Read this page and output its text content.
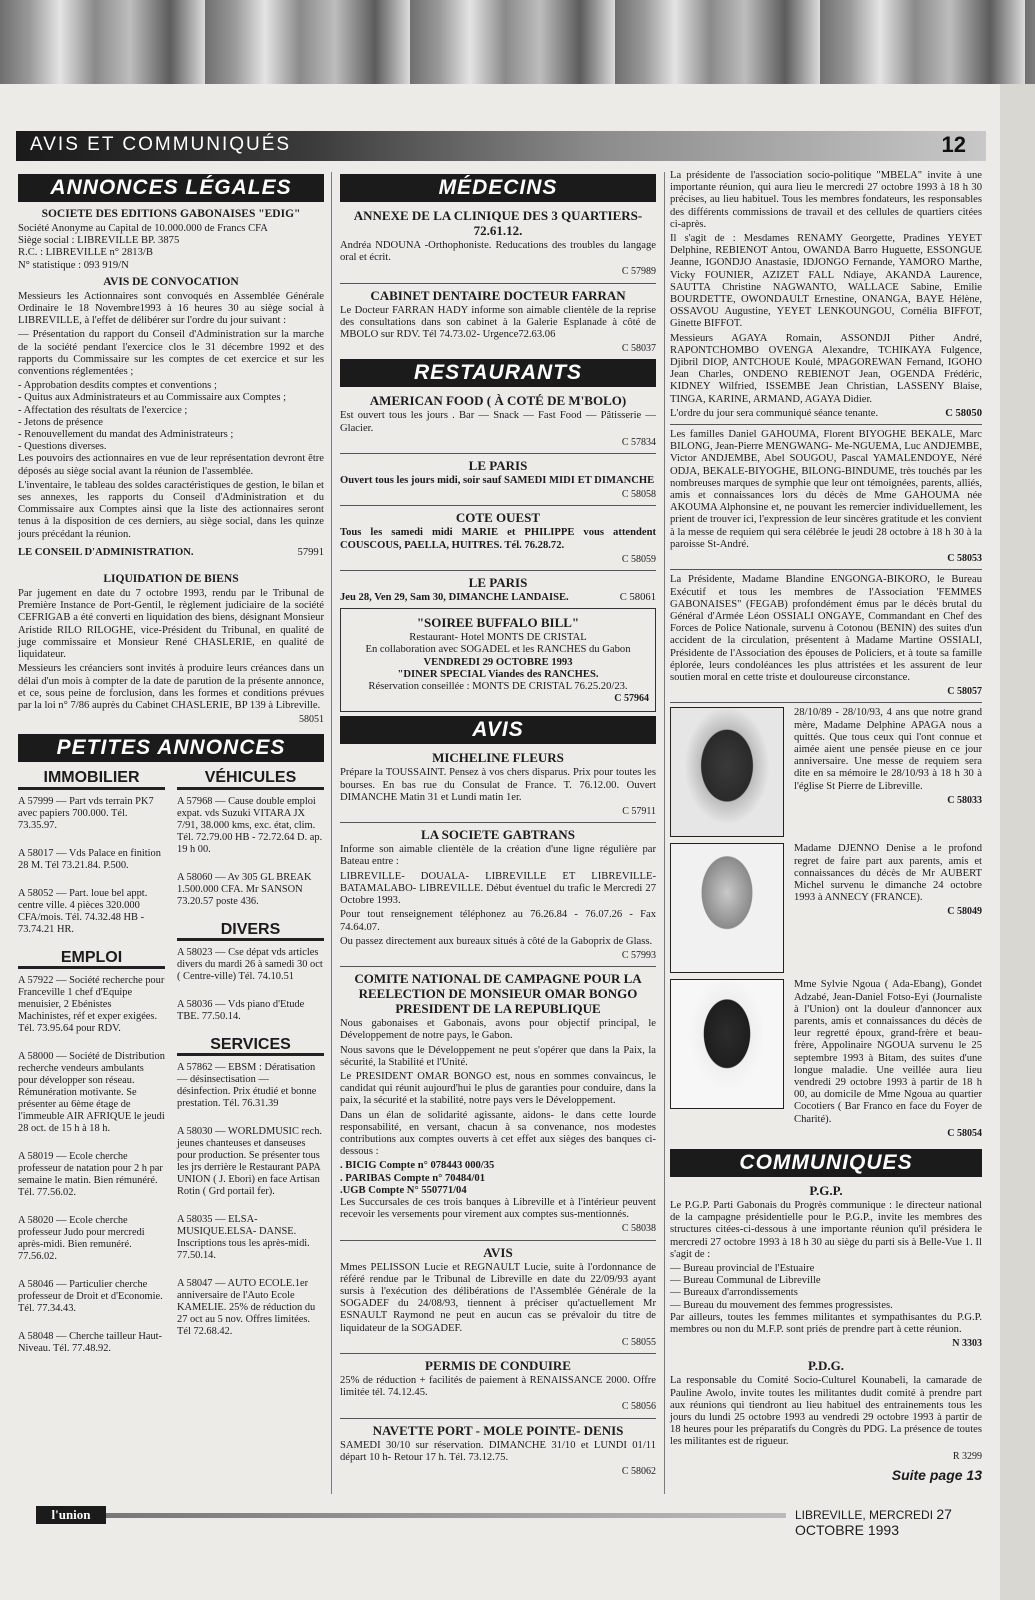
AVIS ET COMMUNIQUÉS	12
ANNONCES LÉGALES
SOCIETE DES EDITIONS GABONAISES "EDIG"
Société Anonyme au Capital de 10.000.000 de Francs CFA
Siège social : LIBREVILLE BP. 3875
R.C. : LIBREVILLE n° 2813/B
N° statistique : 093 919/N
AVIS DE CONVOCATION

Messieurs les Actionnaires sont convoqués en Assemblée Générale Ordinaire le 18 Novembre1993 à 16 heures 30 au siège social à LIBREVILLE, à l'effet de délibérer sur l'ordre du jour suivant :

— Présentation du rapport du Conseil d'Administration sur la marche de la société pendant l'exercice clos le 31 décembre 1992 et des rapports du Commissaire sur les comptes de cet exercice et sur les conventions réglementées ;

- Approbation desdits comptes et conventions ;
- Quitus aux Administrateurs et au Commissaire aux Comptes ;
- Affectation des résultats de l'exercice ;
- Jetons de présence
- Renouvellement du mandat des Administrateurs ;
- Questions diverses.

Les pouvoirs des actionnaires en vue de leur représentation devront être déposés au siège social avant la réunion de l'assemblée.

L'inventaire, le tableau des soldes caractéristiques de gestion, le bilan et ses annexes, les rapports du Conseil d'Administration et du Commissaire aux Comptes ainsi que la liste des actionnaires seront tenus à la disposition de ces derniers, au siège social, dans les quinze jours précédant la réunion.

LE CONSEIL D'ADMINISTRATION.	57991
LIQUIDATION DE BIENS

Par jugement en date du 7 octobre 1993, rendu par le Tribunal de Première Instance de Port-Gentil, le règlement judiciaire de la société CEFRIGAB a été converti en liquidation des biens, désignant Monsieur Aristide RILO RILOGHE, vice-Président du Tribunal, en qualité de juge commissaire et Monsieur René CHASLERIE, en qualité de liquidateur.

Messieurs les créanciers sont invités à produire leurs créances dans un délai d'un mois à compter de la date de parution de la présente annonce, et ce, sous peine de forclusion, dans les formes et conditions prévues par la loi n° 7/86 auprès du Cabinet CHASLERIE, BP 139 à Libreville.

58051
PETITES ANNONCES
IMMOBILIER
A 57999 — Part vds terrain PK7 avec papiers 700.000. Tél. 73.35.97.
A 58017 — Vds Palace en finition 28 M. Tél 73.21.84. P.500.
A 58052 — Part. loue bel appt. centre ville. 4 pièces 320.000 CFA/mois. Tél. 74.32.48 HB - 73.74.21 HR.
EMPLOI
A 57922 — Société recherche pour Franceville 1 chef d'Equipe menuisier, 2 Ebénistes Machinistes, réf et exper exigées. Tél. 73.95.64 pour RDV.
A 58000 — Société de Distribution recherche vendeurs ambulants pour développer son réseau. Rémunération motivante. Se présenter au 6ème étage de l'immeuble AIR AFRIQUE le jeudi 28 oct. de 15 h à 18 h.
A 58019 — Ecole cherche professeur de natation pour 2 h par semaine le matin. Bien rémunéré. Tél. 77.56.02.
A 58020 — Ecole cherche professeur Judo pour mercredi après-midi. Bien remunéré. 77.56.02.
A 58046 — Particulier cherche professeur de Droit et d'Economie. Tél. 77.34.43.
A 58048 — Cherche tailleur Haut-Niveau. Tél. 77.48.92.
VÉHICULES
A 57968 — Cause double emploi expat. vds Suzuki VITARA JX 7/91, 38.000 kms, exc. état, clim. Tél. 72.79.00 HB - 72.72.64 D. ap. 19 h 00.
A 58060 — Av 305 GL BREAK 1.500.000 CFA. Mr SANSON 73.20.57 poste 436.
DIVERS
A 58023 — Cse dépat vds articles divers du mardi 26 à samedi 30 oct ( Centre-ville) Tél. 74.10.51
A 58036 — Vds piano d'Etude TBE. 77.50.14.
SERVICES
A 57862 — EBSM : Dératisation — désinsectisation — désinfection. Prix étudié et bonne prestation. Tél. 76.31.39
A 58030 — WORLDMUSIC rech. jeunes chanteuses et danseuses pour production. Se présenter tous les jrs derrière le Restaurant PAPA UNION ( J. Ebori) en face Artisan Rotin ( Grd portail fer).
A 58035 — ELSA-MUSIQUE.ELSA- DANSE. Inscriptions tous les après-midi. 77.50.14.
A 58047 — AUTO ECOLE.1er anniversaire de l'Auto Ecole KAMELIE. 25% de réduction du 27 oct au 5 nov. Offres limitées. Tél 72.68.42.
MÉDECINS
ANNEXE DE LA CLINIQUE DES 3 QUARTIERS- 72.61.12.

Andréa NDOUNA -Orthophoniste. Reducations des troubles du langage oral et écrit.

C 57989
CABINET DENTAIRE DOCTEUR FARRAN

Le Docteur FARRAN HADY informe son aimable clientèle de la reprise des consultations dans son cabinet à la Galerie Esplanade à côté de MBOLO sur RDV. Tél 74.73.02- Urgence72.63.06

C 58037
RESTAURANTS
AMERICAN FOOD ( À COTÉ DE M'BOLO)

Est ouvert tous les jours . Bar — Snack — Fast Food — Pâtisserie — Glacier.

C 57834
LE PARIS

Ouvert tous les jours midi, soir sauf SAMEDI MIDI ET DIMANCHE

C 58058
COTE OUEST

Tous les samedi midi MARIE et PHILIPPE vous attendent COUSCOUS, PAELLA, HUITRES. Tél. 76.28.72.

C 58059
LE PARIS
Jeu 28, Ven 29, Sam 30, DIMANCHE LANDAISE.	C 58061
"SOIREE BUFFALO BILL"
Restaurant- Hotel MONTS DE CRISTAL
En collaboration avec SOGADEL et les RANCHES du Gabon
VENDREDI 29 OCTOBRE 1993
"DINER SPECIAL Viandes des RANCHES.
Réservation conseillée : MONTS DE CRISTAL 76.25.20/23.
C 57964
AVIS
MICHELINE FLEURS

Prépare la TOUSSAINT. Pensez à vos chers disparus. Prix pour toutes les bourses. En bas rue du Consulat de France. T. 76.12.00. Ouvert DIMANCHE Matin 31 et Lundi matin 1er.

C 57911
LA SOCIETE GABTRANS

Informe son aimable clientèle de la création d'une ligne régulière par Bateau entre :

LIBREVILLE- DOUALA- LIBREVILLE ET LIBREVILLE- BATAMALABO- LIBREVILLE. Début éventuel du trafic le Mercredi 27 Octobre 1993.

Pour tout renseignement téléphonez au 76.26.84 - 76.07.26 - Fax 74.64.07.

Ou passez directement aux bureaux situés à côté de la Gaboprix de Glass.

C 57993
COMITE NATIONAL DE CAMPAGNE POUR LA REELECTION DE MONSIEUR OMAR BONGO PRESIDENT DE LA REPUBLIQUE

Nous gabonaises et Gabonais, avons pour objectif principal, le Développement de notre pays, le Gabon.

Nous savons que le Développement ne peut s'opérer que dans la Paix, la sécurité, la Stabilité et l'Unité.

Le PRESIDENT OMAR BONGO est, nous en sommes convaincus, le candidat qui réunit aujourd'hui le plus de garanties pour conduire, dans la paix, la sécurité et la stabilité, notre pays vers le Développement.

Dans un élan de solidarité agissante, aidons- le dans cette lourde responsabilité, en versant, chacun à sa convenance, nos modestes contributions aux comptes ouverts à cet effet aux sièges des banques ci-dessous :

. BICIG Compte n° 078443 000/35
. PARIBAS Compte n° 70484/01
.UGB Compte N° 550771/04

Les Succursales de ces trois banques à Libreville et à l'intérieur peuvent recevoir les versements pour virement aux comptes sus-mentionnés.

C 58038
AVIS

Mmes PELISSON Lucie et REGNAULT Lucie, suite à l'ordonnance de référé rendue par le Tribunal de Libreville en date du 22/09/93 ayant sursis à l'exécution des délibérations de l'Assemblée Générale de la SOGADEF du 24/08/93, tiennent à préciser qu'actuellement Mr ESNAULT Raymond ne peut en aucun cas se prévaloir du titre de liquidateur de la SOGADEF.

C 58055
PERMIS DE CONDUIRE

25% de réduction + facilités de paiement à RENAISSANCE 2000. Offre limitée tél. 74.12.45.

C 58056
NAVETTE PORT - MOLE POINTE- DENIS

SAMEDI 30/10 sur réservation. DIMANCHE 31/10 et LUNDI 01/11 départ 10 h- Retour 17 h. Tél. 73.12.75.

C 58062

La présidente de l'association socio-politique "MBELA" invite à une importante réunion, qui aura lieu le mercredi 27 octobre 1993 à 18 h 30 précises, au lieu habituel. Tous les membres fondateurs, les responsables des différents commissions de travail et des cellules de quartiers citées ci-après.

Il s'agit de : Mesdames RENAMY Georgette, Pradines YEYET Delphine, REBIENOT Antou, OWANDA Barro Huguette, ESSONGUE Jeanne, IGONDJO Anastasie, IDJONGO Fernande, YAMORO Marthe, Vicky FOUNIER, AZIZET FALL Ndiaye, AKANDA Laurence, SAUTTA Christine NAGWANTO, WALLACE Sabine, Emilie BOURDETTE, OWONDAULT Ernestine, ONANGA, BAYE Hélène, OSSAVOU Augustine, YEYET LENKOUNGOU, Cornélia BIFFOT, Ginette BIFFOT.

Messieurs AGAYA Romain, ASSONDJI Pither André, RAPONTCHOMBO OVENGA Alexandre, TCHIKAYA Fulgence, Djibril DIOP, ANTCHOUE Koulé, MPAGOREWAN Fernand, IGOHO Jean Charles, ONDENO REBIENOT Jean, OGENDA Frédéric, KIDNEY Wilfried, ISSEMBE Jean Christian, LASSENY Blaise, TINGA, KARINE, ARMAND, AGAYA Didier.

L'ordre du jour sera communiqué séance tenante.	C 58050

Les familles Daniel GAHOUMA, Florent BIYOGHE BEKALE, Marc BILONG, Jean-Pierre MENGWANG- Me-NGUEMA, Luc ANDJEMBE, Victor ANDJEMBE, Abel SOUGOU, Pascal YAMALENDOYE, Néré ODJA, BEKALE-BIYOGHE, BILONG-BINDUME, très touchés par les nombreuses marques de symphie que leur ont témoignées, parents, alliés, amis et connaissances lors du décès de Mme GAHOUMA née AKOUMA Alphonsine et, ne pouvant les remercier individuellement, les prient de trouver ici, l'expression de leur sincères gratitude et les convient à la messe de requiem qui sera célébrée le jeudi 28 octobre à 18 h 30 à la paroisse St-André.

C 58053

La Présidente, Madame Blandine ENGONGA-BIKORO, le Bureau Exécutif et tous les membres de l'Association 'FEMMES GABONAISES" (FEGAB) profondément émus par le décès brutal du Général d'Armée Léon OSSIALI ONGAYE, Commandant en Chef des Forces de Police Nationale, survenu à Cotonou (BENIN) des suites d'un accident de la circulation, présentent à Madame Martine OSSIALI, Présidente de l'Association des épouses de Policiers, et à toute sa famille éplorée, leurs condoléances les plus attristées et les assurent de leur soutien moral en cette triste et douloureuse circonstance.

C 58057

28/10/89 - 28/10/93, 4 ans que notre grand mère, Madame Delphine APAGA nous a quittés. Que tous ceux qui l'ont connue et aimée aient une pensée pieuse en ce jour anniversaire. Une messe de requiem sera dite en sa mémoire le 28/10/93 à 18 h 30 à l'église St Pierre de Libreville.

C 58033

Madame DJENNO Denise a le profond regret de faire part aux parents, amis et connaissances du décès de Mr AUBERT Michel survenu le dimanche 24 octobre 1993 à ANNECY (FRANCE).

C 58049

Mme Sylvie Ngoua ( Ada-Ebang), Gondet Adzabé, Jean-Daniel Fotso-Eyi (Journaliste à l'Union) ont la douleur d'annoncer aux parents, amis et connaissances du décès de leur regretté époux, grand-frère et beau-frère, Appolinaire NGOUA survenu le 25 septembre 1993 à Bitam, des suites d'une longue maladie. Une veillée aura lieu vendredi 29 octobre 1993 à partir de 18 h 00, au domicile de Mme Ngoua au quartier Cocotiers ( Bar Franco en face du Foyer de Charité).

C 58054
COMMUNIQUES
P.G.P.

Le P.G.P. Parti Gabonais du Progrès communique : le directeur national de la campagne présidentielle pour le P.G.P., invite les membres des structures citées-ci-dessous à une importante réunion qu'il présidera le mercredi 27 octobre 1993 à 18 h 30 au siège du parti sis à Belle-Vue 1. Il s'agit de :

— Bureau provincial de l'Estuaire
— Bureau Communal de Libreville
— Bureaux d'arrondissements
— Bureau du mouvement des femmes progressistes.

Par ailleurs, toutes les femmes militantes et sympathisantes du P.G.P. membres ou non du M.F.P. sont priés de prendre part à cette réunion.

N 3303
P.D.G.

La responsable du Comité Socio-Culturel Kounabeli, la camarade de Pauline Awolo, invite toutes les militantes dudit comité à prendre part aux réunions qui tiendront au lieu habituel des entrainements tous les jours du lundi 25 octobre 1993 au vendredi 29 octobre 1993 à partir de 18 heures pour les préparatifs du Congrès du PDG. La présence de toutes les militantes est de rigueur.

R 3299
Suite page 13
l'union	LIBREVILLE, MERCREDI 27 OCTOBRE 1993
